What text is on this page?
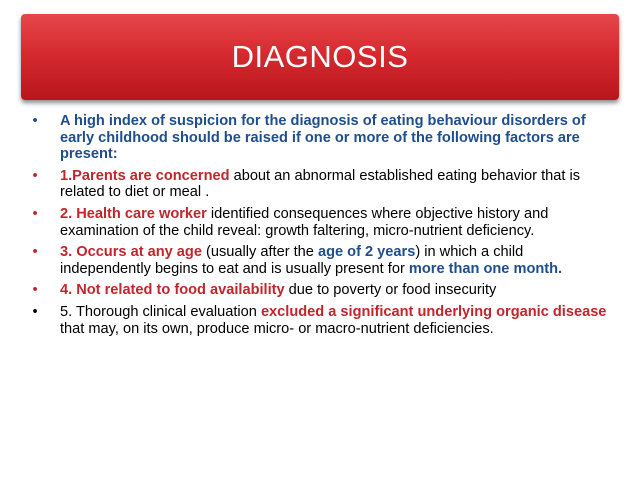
DIAGNOSIS
• A high index of suspicion for the diagnosis of eating behaviour disorders of early childhood should be raised if one or more of the following factors are present:
• 1.Parents are concerned about an abnormal established eating behavior that is related to diet or meal .
• 2. Health care worker identified consequences where objective history and examination of the child reveal: growth faltering, micro-nutrient deficiency.
• 3. Occurs at any age (usually after the age of 2 years) in which a child independently begins to eat and is usually present for more than one month.
• 4. Not related to food availability due to poverty or food insecurity
• 5. Thorough clinical evaluation excluded a significant underlying organic disease that may, on its own, produce micro- or macro-nutrient deficiencies.
